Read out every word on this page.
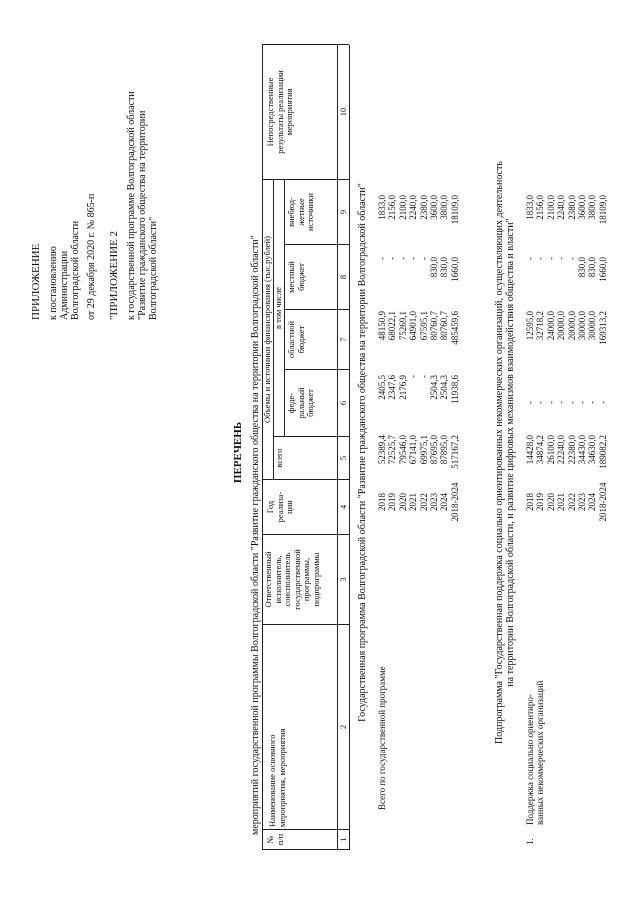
ПРИЛОЖЕНИЕ к постановлению Администрации Волгоградской области от 29 декабря 2020 г. № 865-п "ПРИЛОЖЕНИЕ 2 к государственной программе Волгоградской области "Развитие гражданского общества на территории Волгоградской области"
ПЕРЕЧЕНЬ мероприятий государственной программы Волгоградской области "Развитие гражданского общества на территории Волгоградской области"
№ п/п
Наименование основного мероприятия, мероприятия
Ответственный исполнитель, соисполнитель государственной программы, подпрограммы
Год реализа- ции
Объемы и источники финансирования (тыс.рублей)
всего
в том числе
феде- ральный бюджет
областной бюджет
местный бюджет
внебюд- жетные источники
Непосредственные результаты реализации мероприятия
1
2
3
4
5
6
7
8
9
10
Государственная программа Волгоградской области "Развитие гражданского общества на территории Волгоградской области"
Всего по государственной программе
2018 2019 2020 2021 2022 2023 2024 2018-2024
52389,4 72525,7 79546,0 67141,0 69975,1 87695,0 87895,0 517167,2
2405,5 2347,6 2176,9 - - 2504,3 2504,3 11938,6
48150,9 68022,1 75269,1 64901,0 67595,1 80760,7 80760,7 485459,6
- - - - - 830,0 830,0 1660,0
1833,0 2156,0 2100,0 2240,0 2380,0 3600,0 3800,0 18109,0	Подпрограмма "Государственная поддержка социально ориентированных некоммерческих организаций, осуществляющих деятельность на территории Волгоградской области, и развитие цифровых механизмов взаимодействия общества и власти"
1.
Поддержка социально ориентиро- ванных некоммерческих организаций
2018 2019 2020 2021 2022 2023 2024 2018-2024
14428,0 34874,2 26100,0 22240,0 22380,0 34430,0 34630,0 189082,2
- - - - - - - -
12595,0 32718,2 24000,0 20000,0 20000,0 30000,0 30000,0 169313,2
- - - - - 830,0 830,0 1660,0
1833,0 2156,0 2100,0 2240,0 2380,0 3600,0 3800,0 18109,0
